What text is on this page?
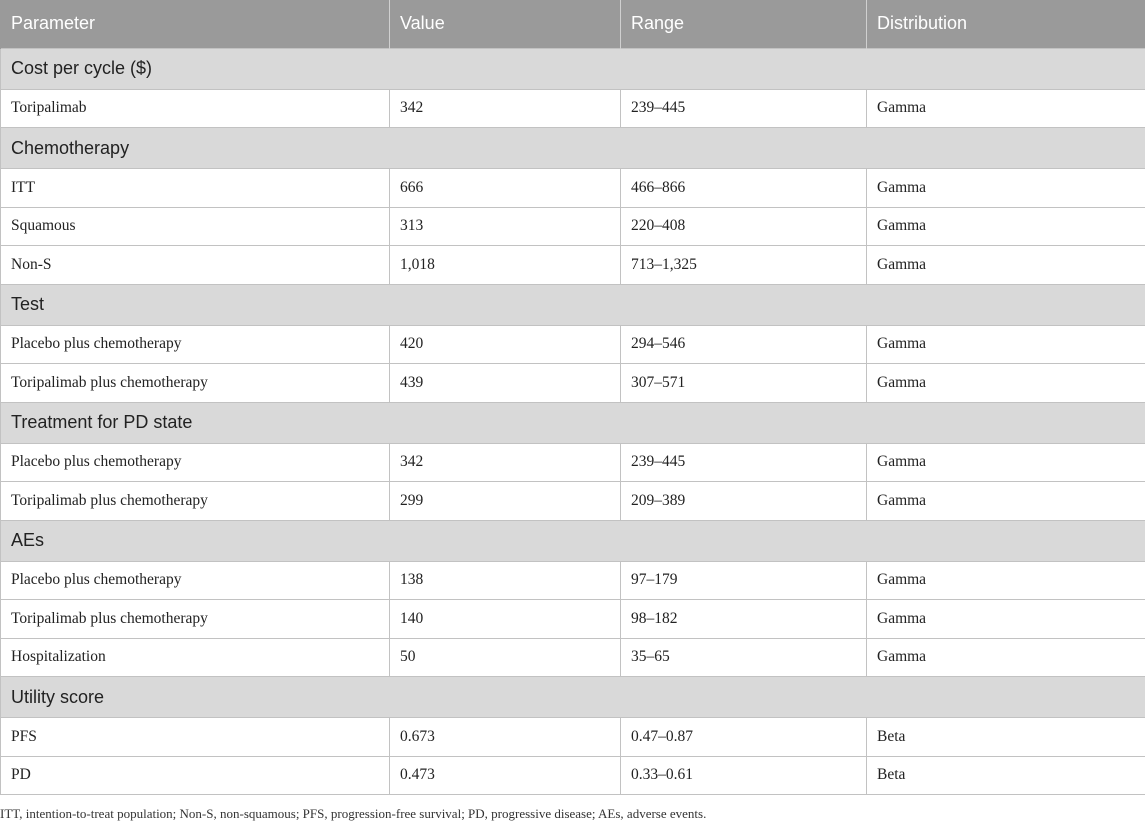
Parameter	Value	Range	Distribution
Cost per cycle ($)			
Toripalimab	342	239–445	Gamma
Chemotherapy			
ITT	666	466–866	Gamma
Squamous	313	220–408	Gamma
Non-S	1,018	713–1,325	Gamma
Test			
Placebo plus chemotherapy	420	294–546	Gamma
Toripalimab plus chemotherapy	439	307–571	Gamma
Treatment for PD state			
Placebo plus chemotherapy	342	239–445	Gamma
Toripalimab plus chemotherapy	299	209–389	Gamma
AEs			
Placebo plus chemotherapy	138	97–179	Gamma
Toripalimab plus chemotherapy	140	98–182	Gamma
Hospitalization	50	35–65	Gamma
Utility score			
PFS	0.673	0.47–0.87	Beta
PD	0.473	0.33–0.61	Beta
ITT, intention-to-treat population; Non-S, non-squamous; PFS, progression-free survival; PD, progressive disease; AEs, adverse events.
